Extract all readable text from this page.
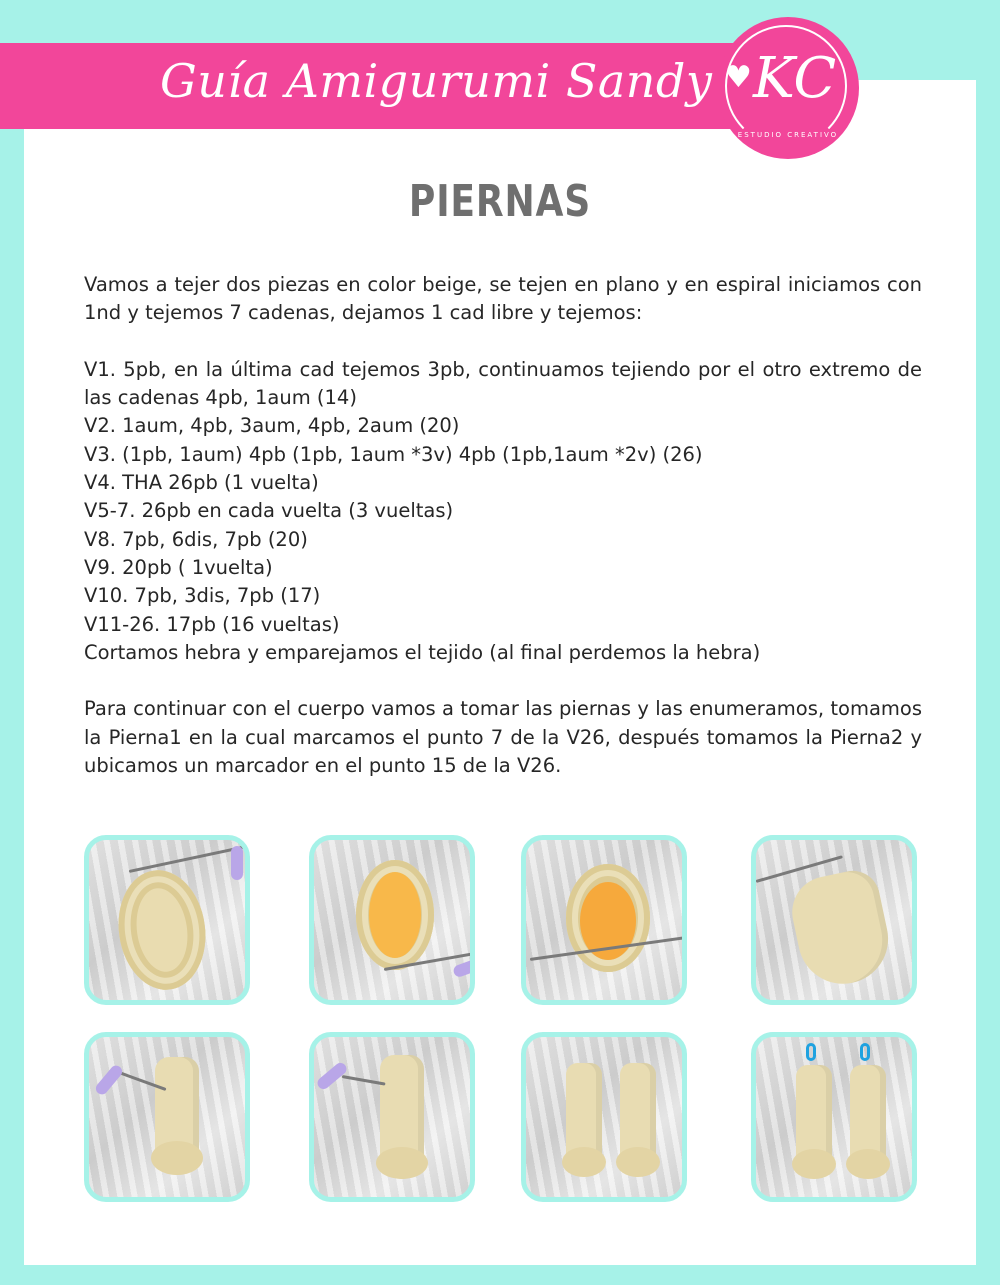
Guía Amigurumi Sandy ♥ KC
ESTUDIO CREATIVO
PIERNAS

Vamos a tejer dos piezas en color beige, se tejen en plano y en espiral iniciamos con 1nd y tejemos 7 cadenas, dejamos 1 cad libre y tejemos:

V1. 5pb, en la última cad tejemos 3pb, continuamos tejiendo por el otro extremo de las cadenas 4pb, 1aum (14)

V2. 1aum, 4pb, 3aum, 4pb, 2aum (20)

V3. (1pb, 1aum) 4pb (1pb, 1aum *3v) 4pb (1pb,1aum *2v) (26)

V4. THA 26pb (1 vuelta)

V5-7. 26pb en cada vuelta (3 vueltas)

V8. 7pb, 6dis, 7pb (20)

V9. 20pb ( 1vuelta)

V10. 7pb, 3dis, 7pb (17)

V11-26. 17pb (16 vueltas)

Cortamos hebra y emparejamos el tejido (al final perdemos la hebra)

Para continuar con el cuerpo vamos a tomar las piernas y las enumeramos, tomamos la Pierna1 en la cual marcamos el punto 7 de la V26, después tomamos la Pierna2 y ubicamos un marcador en el punto 15 de la V26.
